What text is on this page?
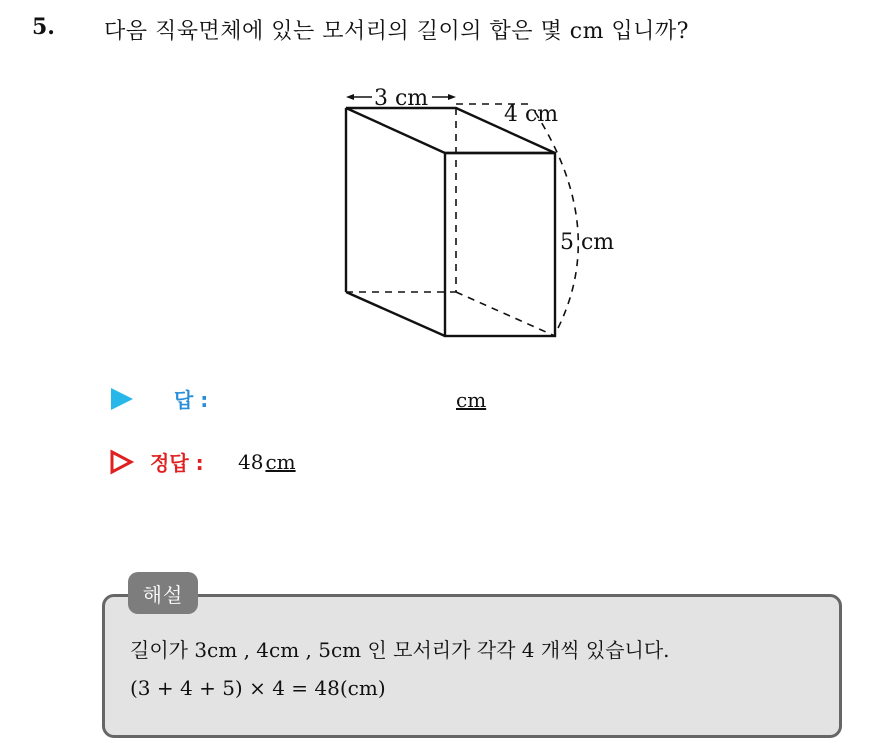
5. 다음 직육면체에 있는 모서리의 길이의 합은 몇 cm 입니까?
3 cm
4 cm
5 cm
답 :	cm
정답 : 48 cm
해설
길이가 3cm , 4cm , 5cm 인 모서리가 각각 4 개씩 있습니다.
(3 + 4 + 5) × 4 = 48(cm)
